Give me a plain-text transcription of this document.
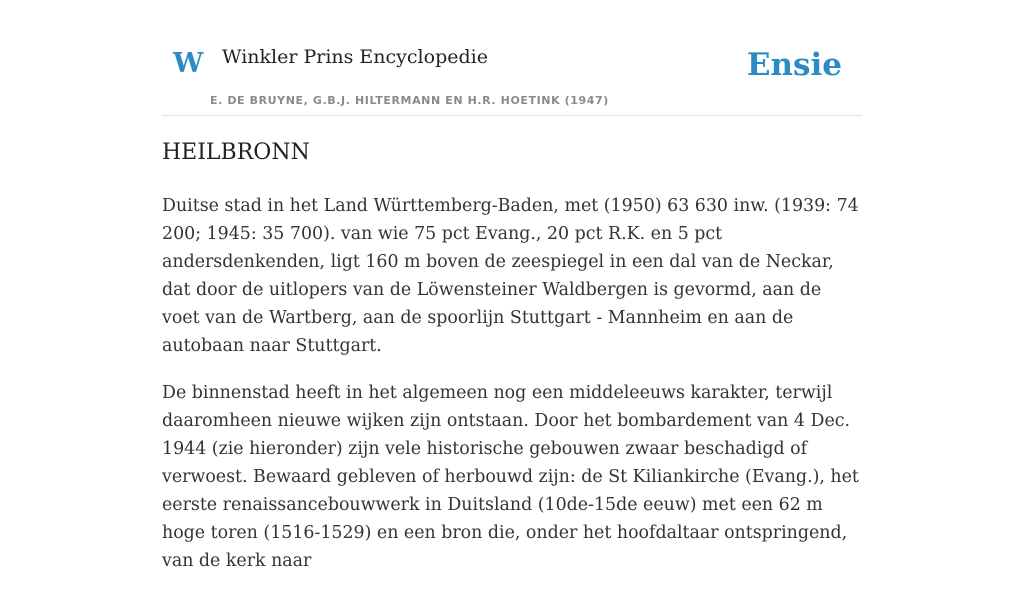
W Winkler Prins Encyclopedie
E. DE BRUYNE, G.B.J. HILTERMANN EN H.R. HOETINK (1947)
Ensie
HEILBRONN

Duitse stad in het Land Württemberg-Baden, met (1950) 63 630 inw. (1939: 74 200; 1945: 35 700). van wie 75 pct Evang., 20 pct R.K. en 5 pct andersdenkenden, ligt 160 m boven de zeespiegel in een dal van de Neckar, dat door de uitlopers van de Löwensteiner Waldbergen is gevormd, aan de voet van de Wartberg, aan de spoorlijn Stuttgart - Mannheim en aan de autobaan naar Stuttgart.

De binnenstad heeft in het algemeen nog een middeleeuws karakter, terwijl daaromheen nieuwe wijken zijn ontstaan. Door het bombardement van 4 Dec. 1944 (zie hieronder) zijn vele historische gebouwen zwaar beschadigd of verwoest. Bewaard gebleven of herbouwd zijn: de St Kiliankirche (Evang.), het eerste renaissancebouwwerk in Duitsland (10de-15de eeuw) met een 62 m hoge toren (1516-1529) en een bron die, onder het hoofdaltaar ontspringend, van de kerk naar
